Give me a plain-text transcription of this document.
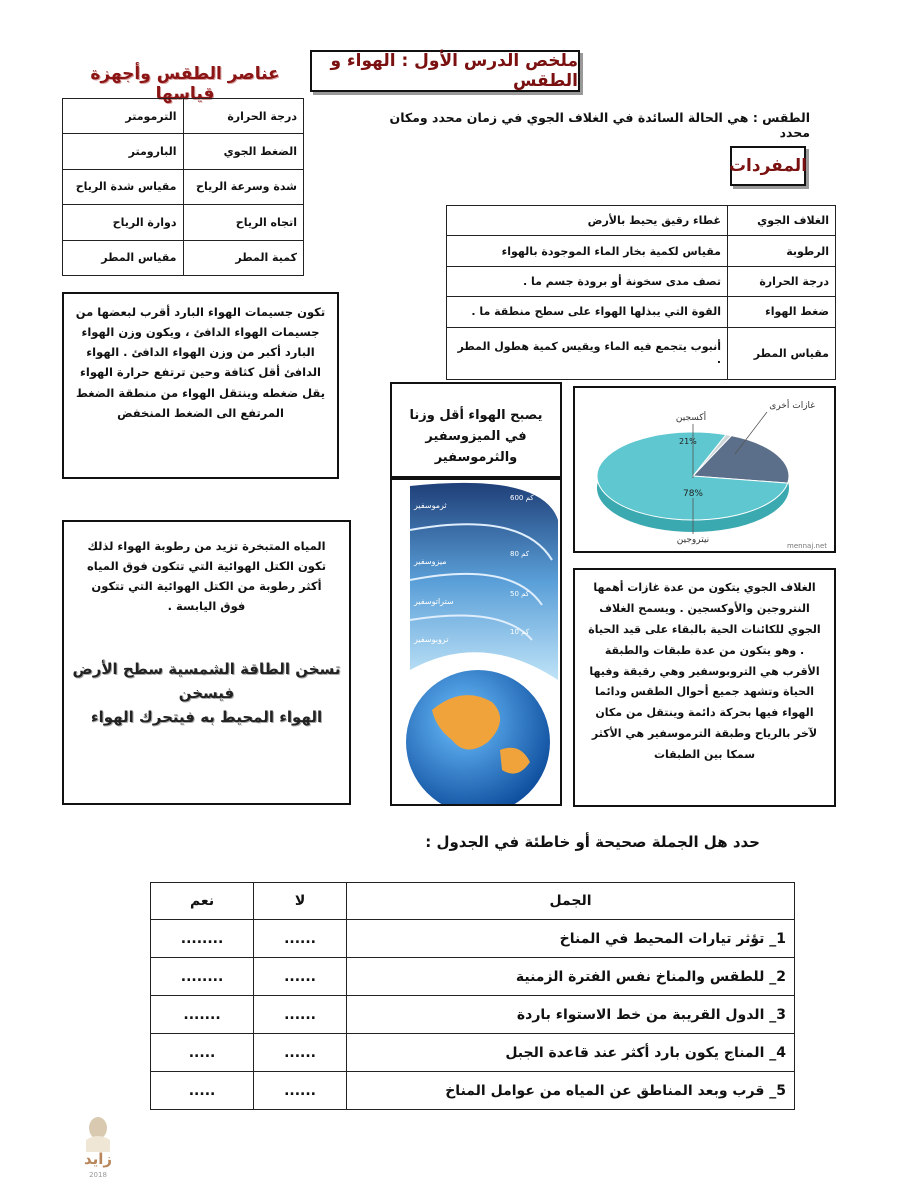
ملخص الدرس الأول : الهواء و الطقس
عناصر الطقس وأجهزة قياسها
درجة الحرارة	الترمومتر
الضغط الجوي	البارومتر
شدة وسرعة الرياح	مقياس شدة الرياح
اتجاه الرياح	دوارة الرياح
كمية المطر	مقياس المطر
الطقس : هي الحالة السائدة في الغلاف الجوي في زمان محدد ومكان محدد
المفردات
الغلاف الجوي	غطاء رقيق يحيط بالأرض
الرطوبة	مقياس لكمية بخار الماء الموجودة بالهواء
درجة الحرارة	تصف مدى سخونة أو برودة جسم ما .
ضغط الهواء	القوة التي يبذلها الهواء على سطح منطقة ما .
مقياس المطر	أنبوب يتجمع فيه الماء ويقيس كمية هطول المطر .
تكون جسيمات الهواء البارد أقرب لبعضها من جسيمات الهواء الدافئ ، ويكون وزن الهواء البارد أكبر من وزن الهواء الدافئ . الهواء الدافئ أقل كثافة وحين ترتفع حرارة الهواء يقل ضغطه وينتقل الهواء من منطقة الضغط المرتفع الى الضغط المنخفض	يصبح الهواء أقل وزنا في الميزوسفير والثرموسفير
غازات أخرى
أكسجين
نيتروجين
21%
78%
mennaj.net
ثرموسفير
600 كم
ميزوسفير
80 كم
ستراتوسفير
50 كم
تروبوسفير
10 كم
المياه المتبخرة تزيد من رطوبة الهواء لذلك تكون الكتل الهوائية التي تتكون فوق المياه أكثر رطوبة من الكتل الهوائية التي تتكون فوق اليابسة .
تسخن الطاقة الشمسية سطح الأرض
فيسخن
الهواء المحيط به فيتحرك الهواء
الغلاف الجوي يتكون من عدة غازات أهمها النتروجين والأوكسجين . ويسمح الغلاف الجوي للكائنات الحية بالبقاء على قيد الحياة . وهو يتكون من عدة طبقات والطبقة الأقرب هي التروبوسفير وهي رقيقة وفيها الحياة وتشهد جميع أحوال الطقس ودائما الهواء فيها بحركة دائمة وينتقل من مكان لآخر بالرياح وطبقة الترموسفير هي الأكثر سمكا بين الطبقات
حدد هل الجملة صحيحة أو خاطئة في الجدول :
الجمل	لا	نعم
1_ تؤثر تيارات المحيط في المناخ	......	........
2_ للطقس والمناخ نفس الفترة الزمنية	......	........
3_ الدول القريبة من خط الاستواء باردة	......	.......
4_ المناج يكون بارد أكثر عند قاعدة الجبل	......	.....
5_ قرب وبعد المناطق عن المياه من عوامل المناخ	......	.....
زايد
2018
